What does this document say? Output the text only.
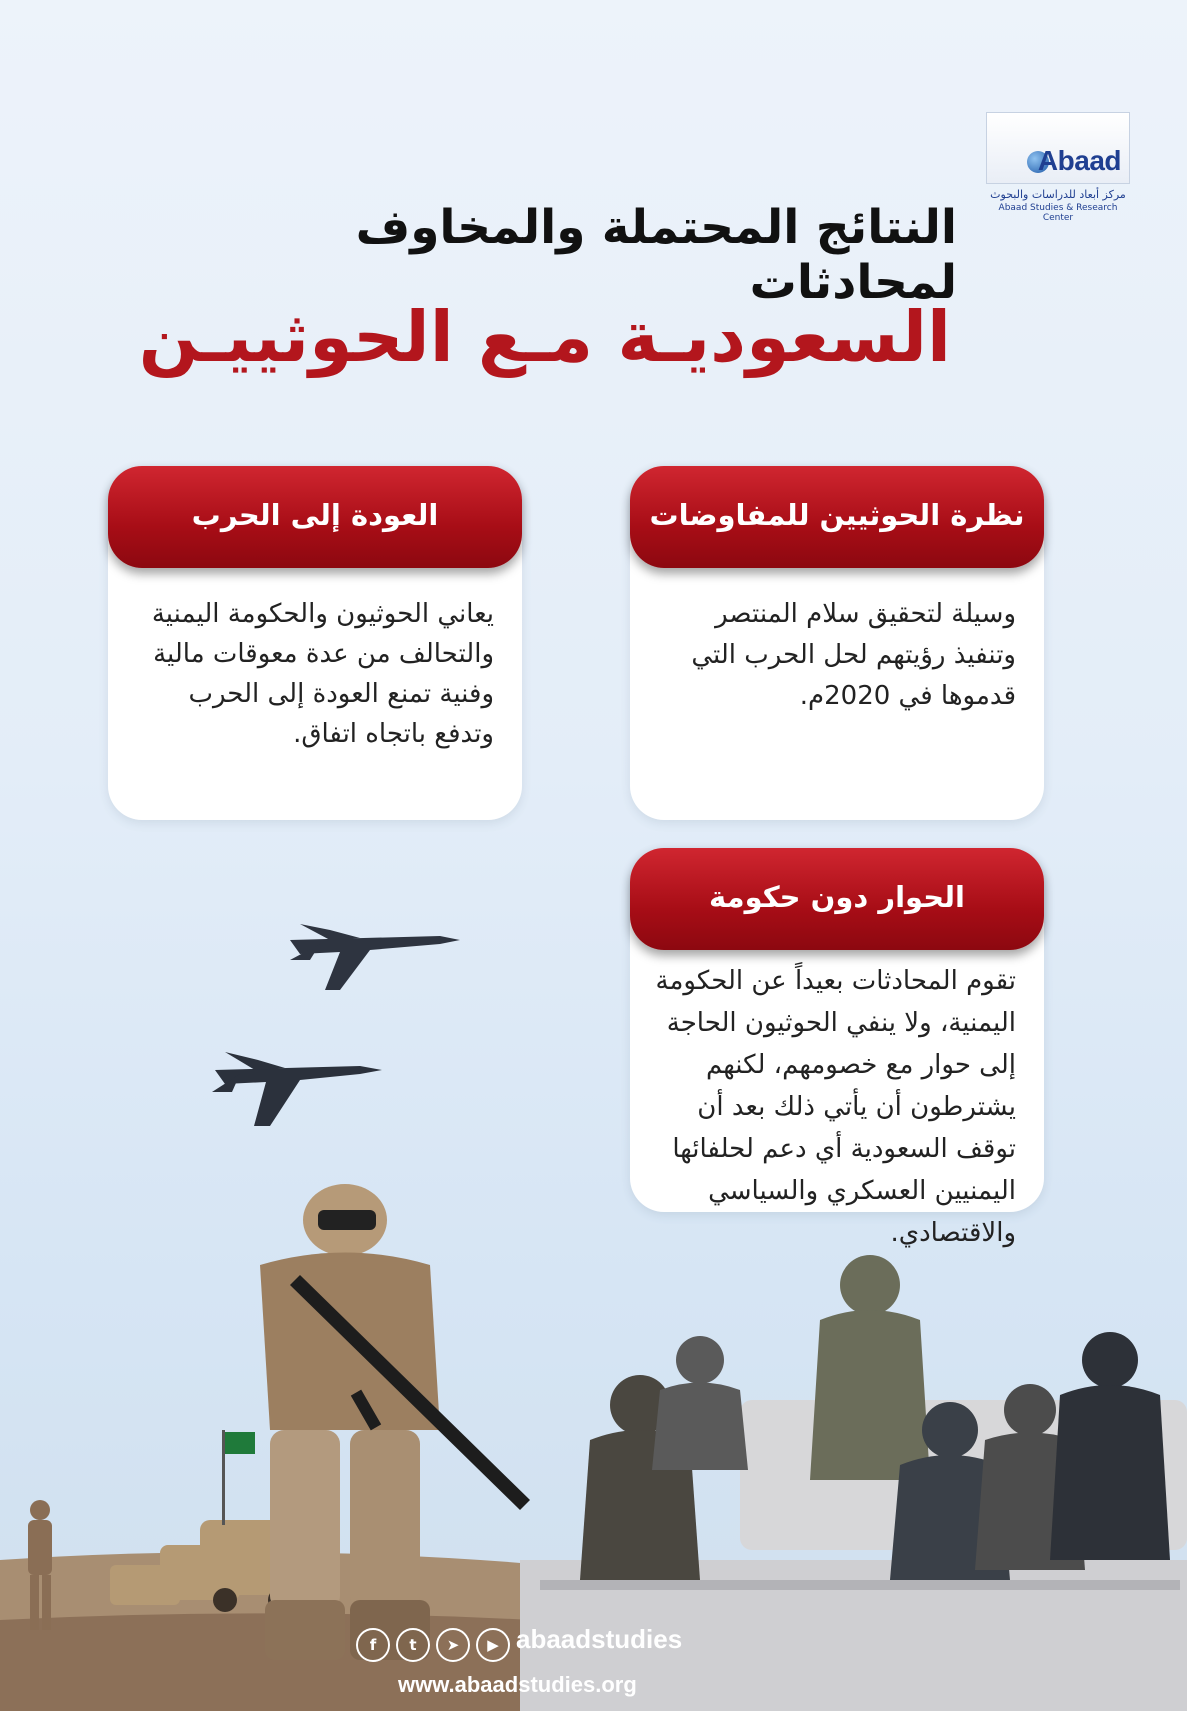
Abaad
مركز أبعاد للدراسات والبحوث
Abaad Studies & Research Center
النتائج المحتملة والمخاوف لمحادثات
السعوديـة مـع الحوثييـن
نظرة الحوثيين للمفاوضات
وسيلة لتحقيق سلام المنتصر وتنفيذ رؤيتهم لحل الحرب التي قدموها في 2020م.
العودة إلى الحرب
يعاني الحوثيون والحكومة اليمنية والتحالف من عدة معوقات مالية وفنية تمنع العودة إلى الحرب وتدفع باتجاه اتفاق.
الحوار دون حكومة
تقوم المحادثات بعيداً عن الحكومة اليمنية، ولا ينفي الحوثيون الحاجة إلى حوار مع خصومهم، لكنهم يشترطون أن يأتي ذلك بعد أن توقف السعودية أي دعم لحلفائها اليمنيين العسكري والسياسي والاقتصادي.
f	t	➤	▶ abaadstudies
www.abaadstudies.org
